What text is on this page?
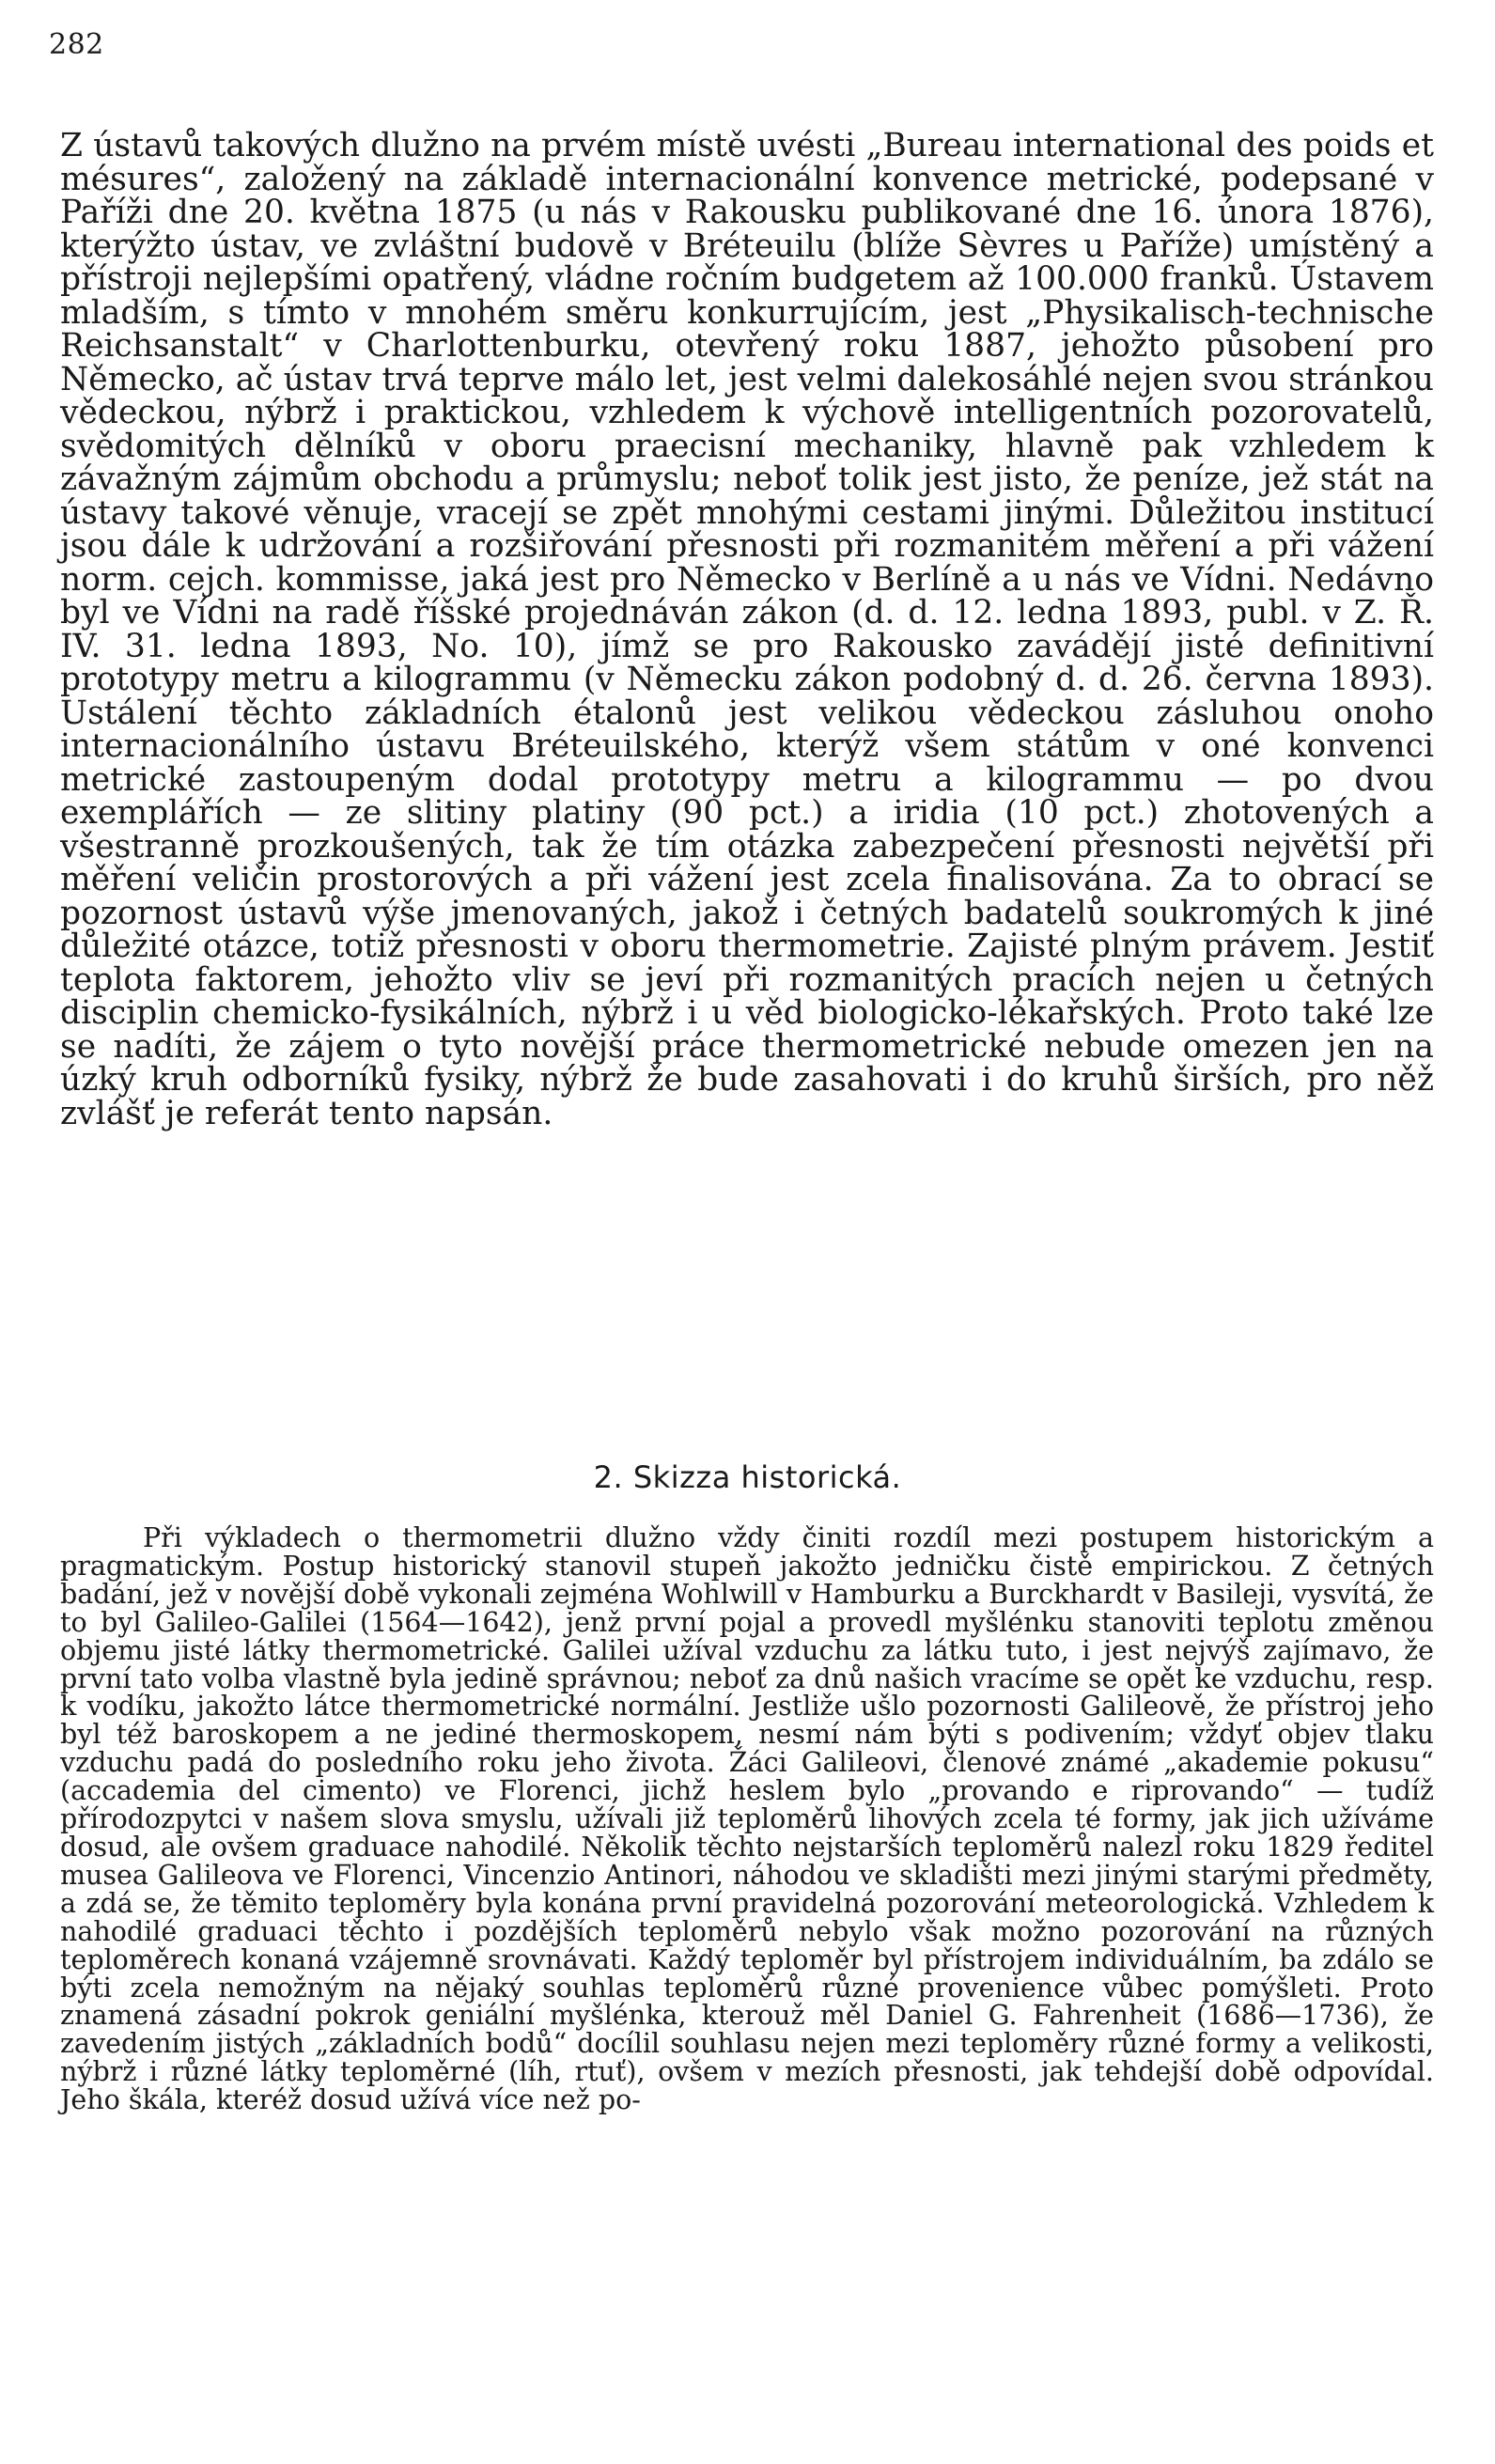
282

Z ústavů takových dlužno na prvém místě uvésti „Bureau international des poids et mésures“, založený na základě internacionální konvence metrické, podepsané v Paříži dne 20. května 1875 (u nás v Rakousku publikované dne 16. února 1876), kterýžto ústav, ve zvláštní budově v Bréteuilu (blíže Sèvres u Paříže) umístěný a přístroji nejlepšími opatřený, vládne ročním budgetem až 100.000 franků. Ústavem mladším, s tímto v mnohém směru konkurrujícím, jest „Physikalisch-technische Reichsanstalt“ v Charlottenburku, otevřený roku 1887, jehožto působení pro Německo, ač ústav trvá teprve málo let, jest velmi dalekosáhlé nejen svou stránkou vědeckou, nýbrž i praktickou, vzhledem k výchově intelligentních pozorovatelů, svědomitých dělníků v oboru praecisní mechaniky, hlavně pak vzhledem k závažným zájmům obchodu a průmyslu; neboť tolik jest jisto, že peníze, jež stát na ústavy takové věnuje, vracejí se zpět mnohými cestami jinými. Důležitou institucí jsou dále k udržování a rozšiřování přesnosti při rozmanitém měření a při vážení norm. cejch. kommisse, jaká jest pro Německo v Berlíně a u nás ve Vídni. Nedávno byl ve Vídni na radě říšské projednáván zákon (d. d. 12. ledna 1893, publ. v Z. Ř. IV. 31. ledna 1893, No. 10), jímž se pro Rakousko zavádějí jisté definitivní prototypy metru a kilogrammu (v Německu zákon podobný d. d. 26. června 1893). Ustálení těchto základních étalonů jest velikou vědeckou zásluhou onoho internacionálního ústavu Bréteuilského, kterýž všem státům v oné konvenci metrické zastoupeným dodal prototypy metru a kilogrammu — po dvou exemplářích — ze slitiny platiny (90 pct.) a iridia (10 pct.) zhotovených a všestranně prozkoušených, tak že tím otázka zabezpečení přesnosti největší při měření veličin prostorových a při vážení jest zcela finalisována. Za to obrací se pozornost ústavů výše jmenovaných, jakož i četných badatelů soukromých k jiné důležité otázce, totiž přesnosti v oboru thermometrie. Zajisté plným právem. Jestiť teplota faktorem, jehožto vliv se jeví při rozmanitých pracích nejen u četných disciplin chemicko-fysikálních, nýbrž i u věd biologicko-lékařských. Proto také lze se nadíti, že zájem o tyto novější práce thermometrické nebude omezen jen na úzký kruh odborníků fysiky, nýbrž že bude zasahovati i do kruhů širších, pro něž zvlášť je referát tento napsán.

2. Skizza historická.

Při výkladech o thermometrii dlužno vždy činiti rozdíl mezi postupem historickým a pragmatickým. Postup historický stanovil stupeň jakožto jedničku čistě empirickou. Z četných badání, jež v novější době vykonali zejména Wohlwill v Hamburku a Burckhardt v Basileji, vysvítá, že to byl Galileo-Galilei (1564—1642), jenž první pojal a provedl myšlénku stanoviti teplotu změnou objemu jisté látky thermometrické. Galilei užíval vzduchu za látku tuto, i jest nejvýš zajímavo, že první tato volba vlastně byla jedině správnou; neboť za dnů našich vracíme se opět ke vzduchu, resp. k vodíku, jakožto látce thermometrické normální. Jestliže ušlo pozornosti Galileově, že přístroj jeho byl též baroskopem a ne jediné thermoskopem, nesmí nám býti s podivením; vždyť objev tlaku vzduchu padá do posledního roku jeho života. Žáci Galileovi, členové známé „akademie pokusu“ (accademia del cimento) ve Florenci, jichž heslem bylo „provando e riprovando“ — tudíž přírodozpytci v našem slova smyslu, užívali již teploměrů lihových zcela té formy, jak jich užíváme dosud, ale ovšem graduace nahodilé. Několik těchto nejstarších teploměrů nalezl roku 1829 ředitel musea Galileova ve Florenci, Vincenzio Antinori, náhodou ve skladišti mezi jinými starými předměty, a zdá se, že těmito teploměry byla konána první pravidelná pozorování meteorologická. Vzhledem k nahodilé graduaci těchto i pozdějších teploměrů nebylo však možno pozorování na různých teploměrech konaná vzájemně srovnávati. Každý teploměr byl přístrojem individuálním, ba zdálo se býti zcela nemožným na nějaký souhlas teploměrů různé provenience vůbec pomýšleti. Proto znamená zásadní pokrok geniální myšlénka, kterouž měl Daniel G. Fahrenheit (1686—1736), že zavedením jistých „základních bodů“ docílil souhlasu nejen mezi teploměry různé formy a velikosti, nýbrž i různé látky teploměrné (líh, rtuť), ovšem v mezích přesnosti, jak tehdejší době odpovídal. Jeho škála, kteréž dosud užívá více než po-
